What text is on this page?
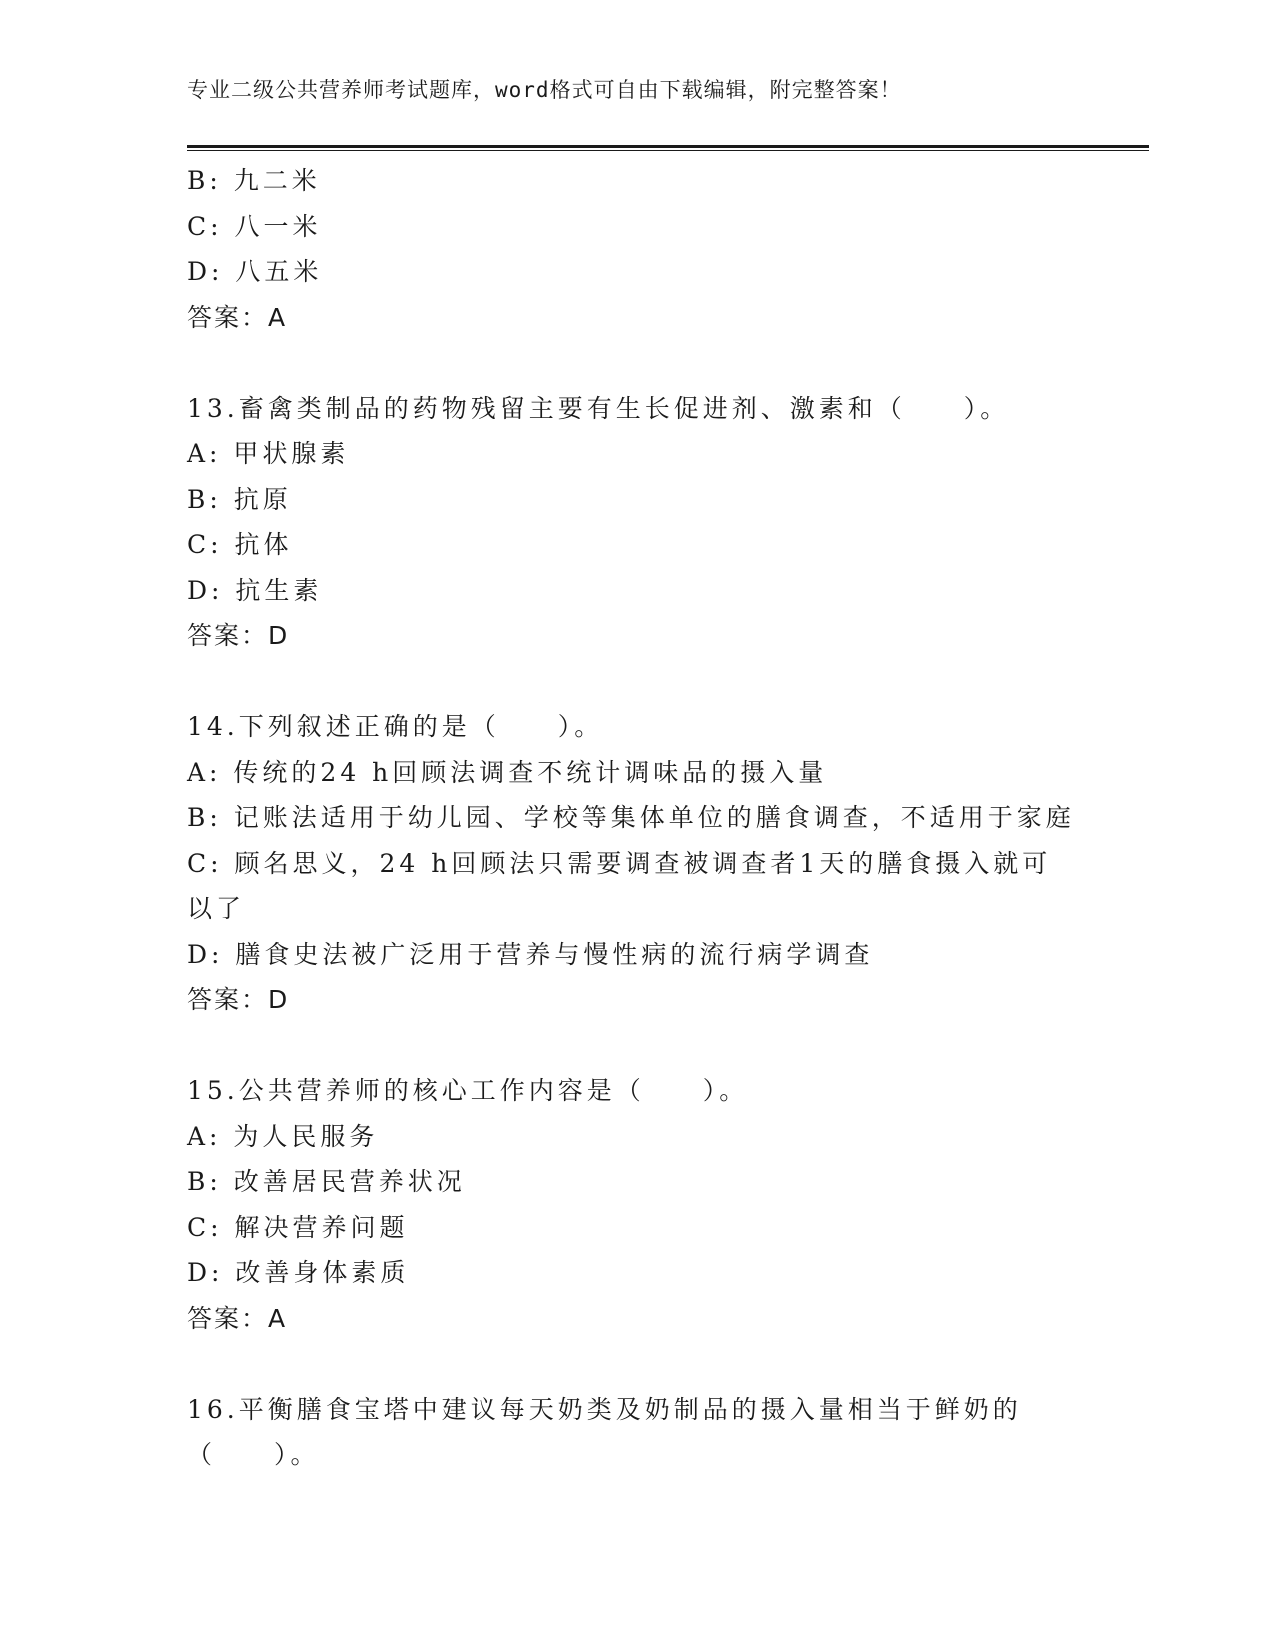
专业二级公共营养师考试题库，word格式可自由下载编辑，附完整答案！
B: 九二米
C: 八一米
D: 八五米
答案：A
13.畜禽类制品的药物残留主要有生长促进剂、激素和（　　）。
A: 甲状腺素
B: 抗原
C: 抗体
D: 抗生素
答案：D
14.下列叙述正确的是（　　）。
A: 传统的24 h回顾法调查不统计调味品的摄入量
B: 记账法适用于幼儿园、学校等集体单位的膳食调查，不适用于家庭
C: 顾名思义，24 h回顾法只需要调查被调查者1天的膳食摄入就可以了
D: 膳食史法被广泛用于营养与慢性病的流行病学调查
答案：D
15.公共营养师的核心工作内容是（　　）。
A: 为人民服务
B: 改善居民营养状况
C: 解决营养问题
D: 改善身体素质
答案：A
16.平衡膳食宝塔中建议每天奶类及奶制品的摄入量相当于鲜奶的（　　）。
